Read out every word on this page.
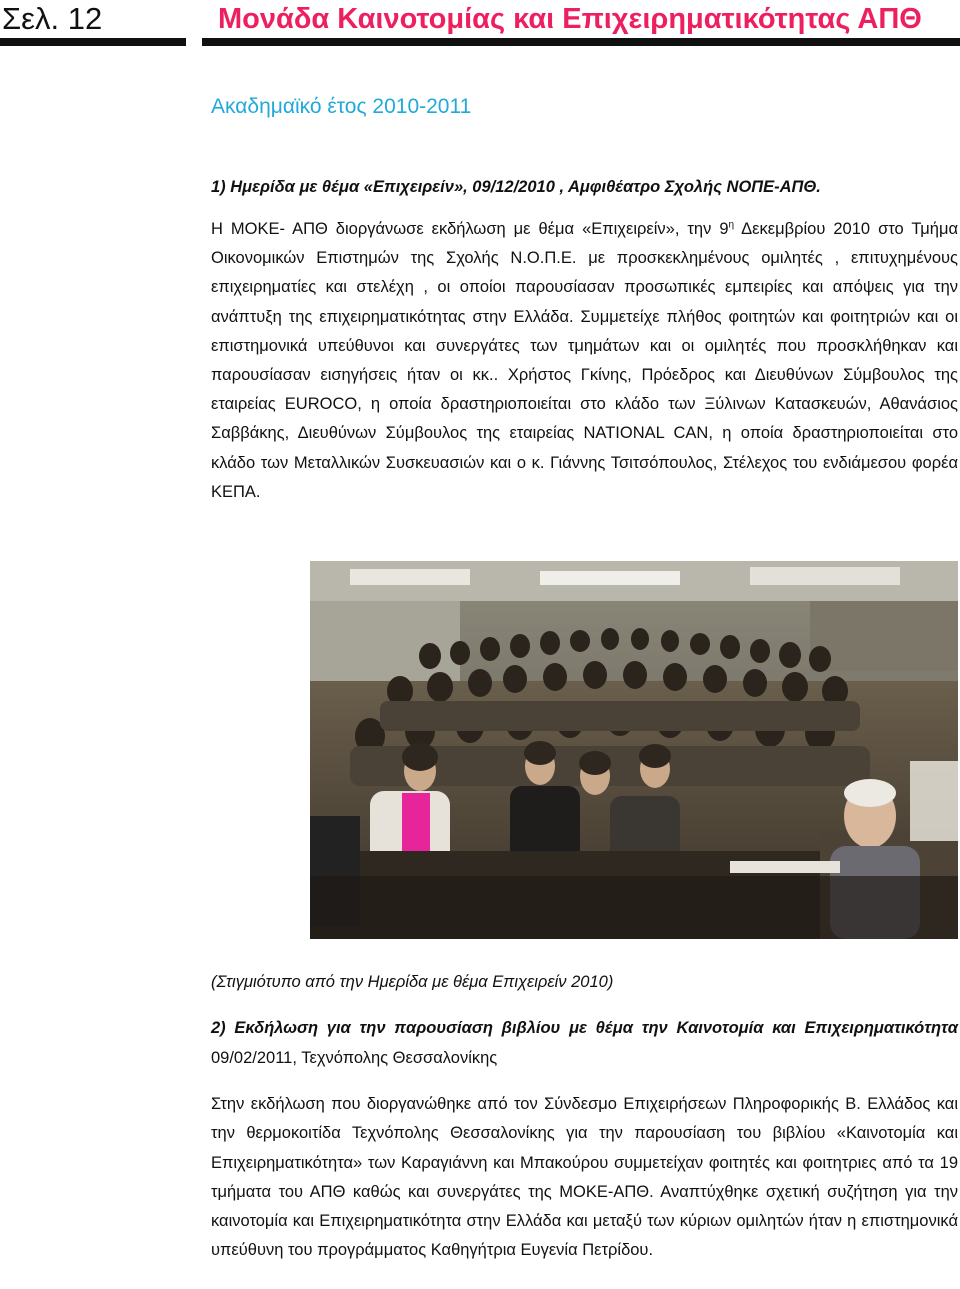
Σελ. 12	Μονάδα Καινοτομίας και Επιχειρηματικότητας ΑΠΘ
Ακαδημαϊκό έτος 2010-2011
1) Ημερίδα με θέμα «Επιχειρείν», 09/12/2010 , Αμφιθέατρο Σχολής ΝΟΠΕ-ΑΠΘ.
Η ΜΟΚΕ- ΑΠΘ διοργάνωσε εκδήλωση με θέμα «Επιχειρείν», την $9^\eta$ Δεκεμβρίου 2010 στο Τμήμα Οικονομικών Επιστημών της Σχολής Ν.Ο.Π.Ε. με προσκεκλημένους ομιλητές , επιτυχημένους επιχειρηματίες και στελέχη , οι οποίοι παρουσίασαν προσωπικές εμπειρίες και απόψεις για την ανάπτυξη της επιχειρηματικότητας στην Ελλάδα. Συμμετείχε πλήθος φοιτητών και φοιτητριών και οι επιστημονικά υπεύθυνοι και συνεργάτες των τμημάτων και οι ομιλητές που προσκλήθηκαν και παρουσίασαν εισηγήσεις ήταν οι κκ.. Χρήστος Γκίνης, Πρόεδρος και Διευθύνων Σύμβουλος της εταιρείας EUROCO, η οποία δραστηριοποιείται στο κλάδο των Ξύλινων Κατασκευών, Αθανάσιος Σαββάκης, Διευθύνων Σύμβουλος της εταιρείας NATIONAL CAN, η οποία δραστηριοποιείται στο κλάδο των Μεταλλικών Συσκευασιών και ο κ. Γιάννης Τσιτσόπουλος, Στέλεχος του ενδιάμεσου φορέα ΚΕΠΑ.
(Στιγμιότυπο από την Ημερίδα με θέμα Επιχειρείν 2010)
2) Εκδήλωση για την παρουσίαση βιβλίου με θέμα την Καινοτομία και Επιχειρηματικότητα 09/02/2011, Τεχνόπολης Θεσσαλονίκης
Στην εκδήλωση που διοργανώθηκε από τον Σύνδεσμο Επιχειρήσεων Πληροφορικής Β. Ελλάδος και την θερμοκοιτίδα Τεχνόπολης Θεσσαλονίκης για την παρουσίαση του βιβλίου «Καινοτομία και Επιχειρηματικότητα» των Καραγιάννη και Μπακούρου συμμετείχαν φοιτητές και φοιτητριες από τα 19 τμήματα του ΑΠΘ καθώς και συνεργάτες της ΜΟΚΕ-ΑΠΘ. Αναπτύχθηκε σχετική συζήτηση για την καινοτομία και Επιχειρηματικότητα στην Ελλάδα και μεταξύ των κύριων ομιλητών ήταν η επιστημονικά υπεύθυνη του προγράμματος Καθηγήτρια Ευγενία Πετρίδου.
